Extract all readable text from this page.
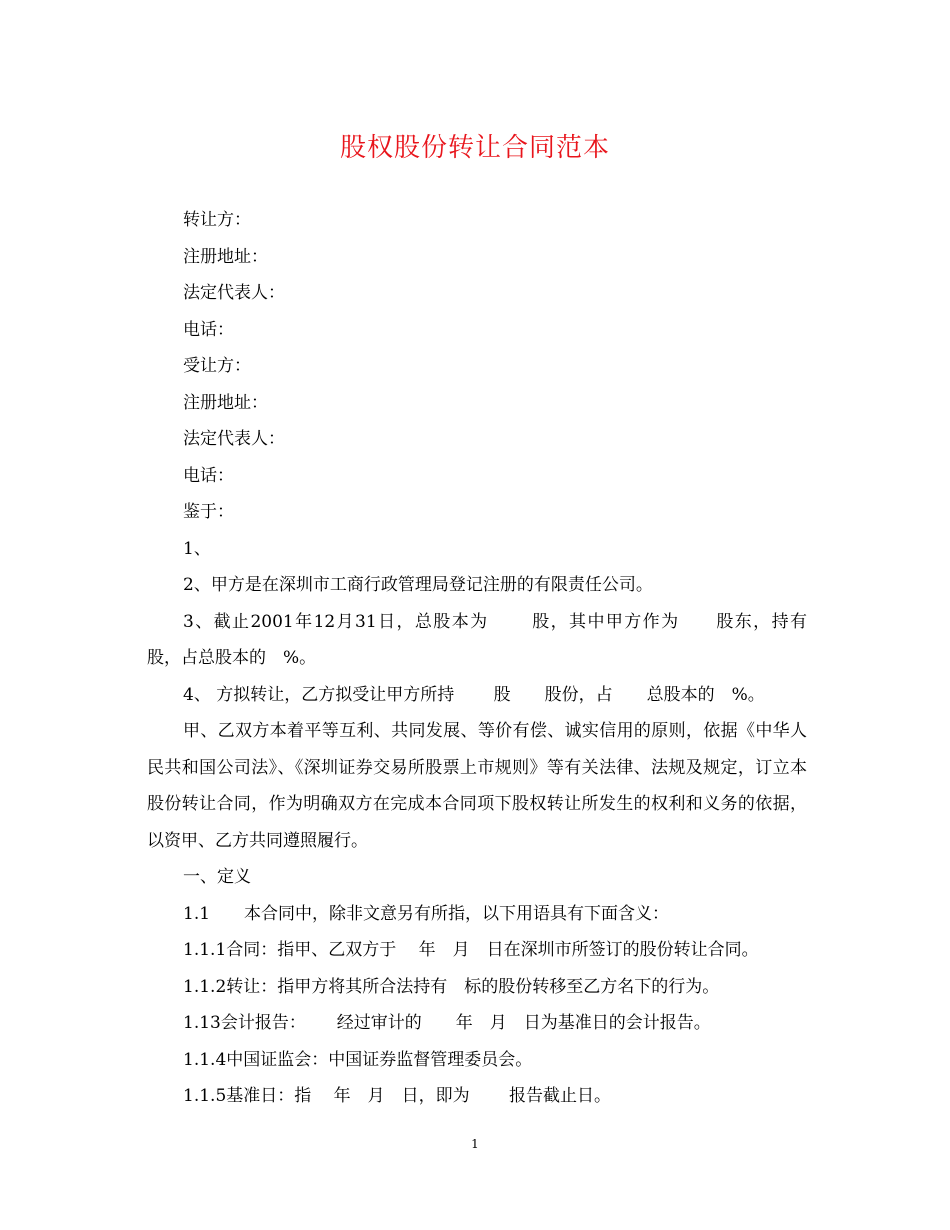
股权股份转让合同范本

转让方：

注册地址：

法定代表人：

电话：

受让方：

注册地址：

法定代表人：

电话：

鉴于：

1、

2、甲方是在深圳市工商行政管理局登记注册的有限责任公司。

3、截止2001年12月31日，总股本为　　 股，其中甲方作为　　股东，持有　　 股，占总股本的　%。

4、 方拟转让，乙方拟受让甲方所持　　 股　　股份，占　　总股本的　%。

甲、乙双方本着平等互利、共同发展、等价有偿、诚实信用的原则，依据《中华人民共和国公司法》、《深圳证券交易所股票上市规则》等有关法律、法规及规定，订立本股份转让合同，作为明确双方在完成本合同项下股权转让所发生的权利和义务的依据，以资甲、乙方共同遵照履行。

一、定义

1.1　　本合同中，除非文意另有所指，以下用语具有下面含义：

1.1.1合同：指甲、乙双方于　 年　月　日在深圳市所签订的股份转让合同。

1.1.2转让：指甲方将其所合法持有　标的股份转移至乙方名下的行为。

1.13会计报告：　　 经过审计的　　年　月　日为基准日的会计报告。

1.1.4中国证监会：中国证券监督管理委员会。

1.1.5基准日：指　 年　月　日，即为　　 报告截止日。

1
